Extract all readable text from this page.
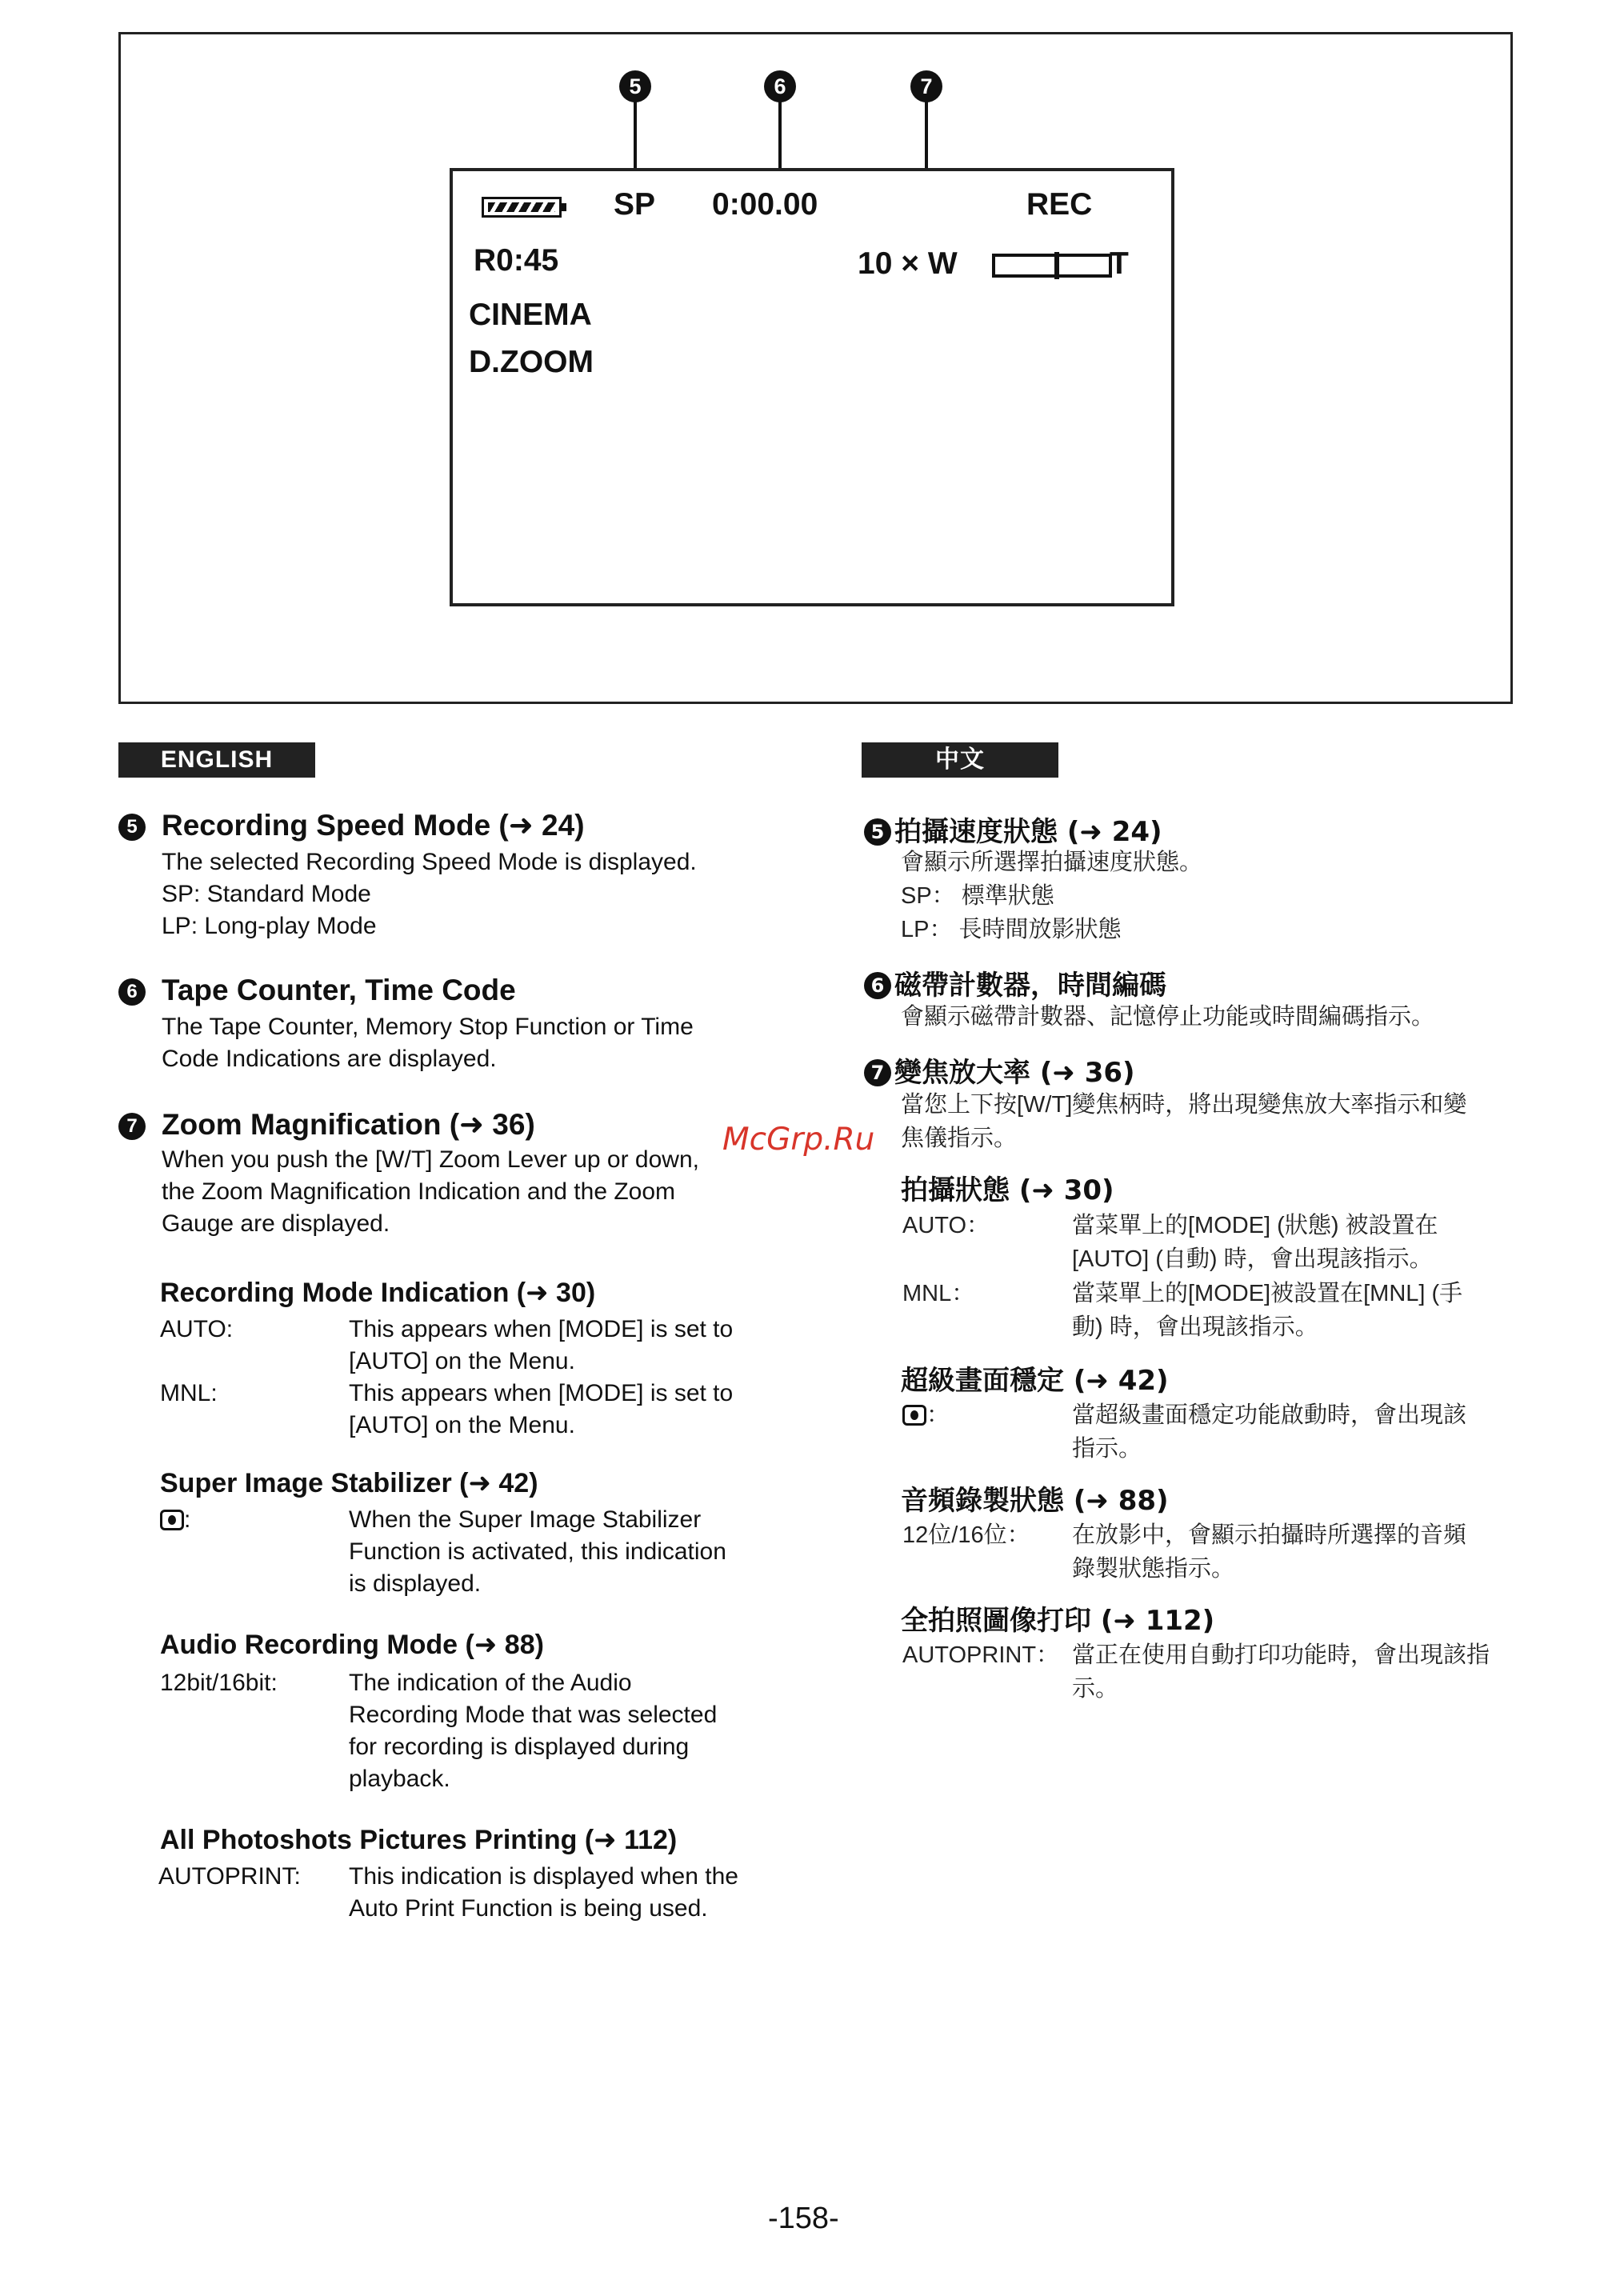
5	6	7
SP 0:00.00	REC
R0:45	10 × W	T
CINEMA
D.ZOOM
ENGLISH	中文
5 Recording Speed Mode (➜ 24)
The selected Recording Speed Mode is displayed.
SP: Standard Mode
LP: Long-play Mode
6 Tape Counter, Time Code
The Tape Counter, Memory Stop Function or Time
Code Indications are displayed.
7 Zoom Magnification (➜ 36)
When you push the [W/T] Zoom Lever up or down,
the Zoom Magnification Indication and the Zoom
Gauge are displayed.
Recording Mode Indication (➜ 30)
AUTO:	This appears when [MODE] is set to
[AUTO] on the Menu.
MNL:	This appears when [MODE] is set to
[AUTO] on the Menu.
Super Image Stabilizer (➜ 42)
:	When the Super Image Stabilizer
Function is activated, this indication
is displayed.
Audio Recording Mode (➜ 88)
12bit/16bit:	The indication of the Audio
Recording Mode that was selected
for recording is displayed during
playback.
All Photoshots Pictures Printing (➜ 112)
AUTOPRINT: This indication is displayed when the
Auto Print Function is being used.
5 拍攝速度狀態 (➜ 24)
會顯示所選擇拍攝速度狀態。
SP： 標準狀態
LP： 長時間放影狀態
6 磁帶計數器，時間編碼
會顯示磁帶計數器、記憶停止功能或時間編碼指示。
7 變焦放大率 (➜ 36)
當您上下按[W/T]變焦柄時，將出現變焦放大率指示和變
焦儀指示。
拍攝狀態 (➜ 30)
AUTO：	當菜單上的[MODE] (狀態) 被設置在
[AUTO] (自動) 時，會出現該指示。
MNL：	當菜單上的[MODE]被設置在[MNL] (手
動) 時，會出現該指示。
超級畫面穩定 (➜ 42)
：	當超級畫面穩定功能啟動時，會出現該
指示。
音頻錄製狀態 (➜ 88)
12位/16位： 在放影中，會顯示拍攝時所選擇的音頻
錄製狀態指示。
全拍照圖像打印 (➜ 112)
AUTOPRINT： 當正在使用自動打印功能時，會出現該指
示。
McGrp.Ru
-158-
